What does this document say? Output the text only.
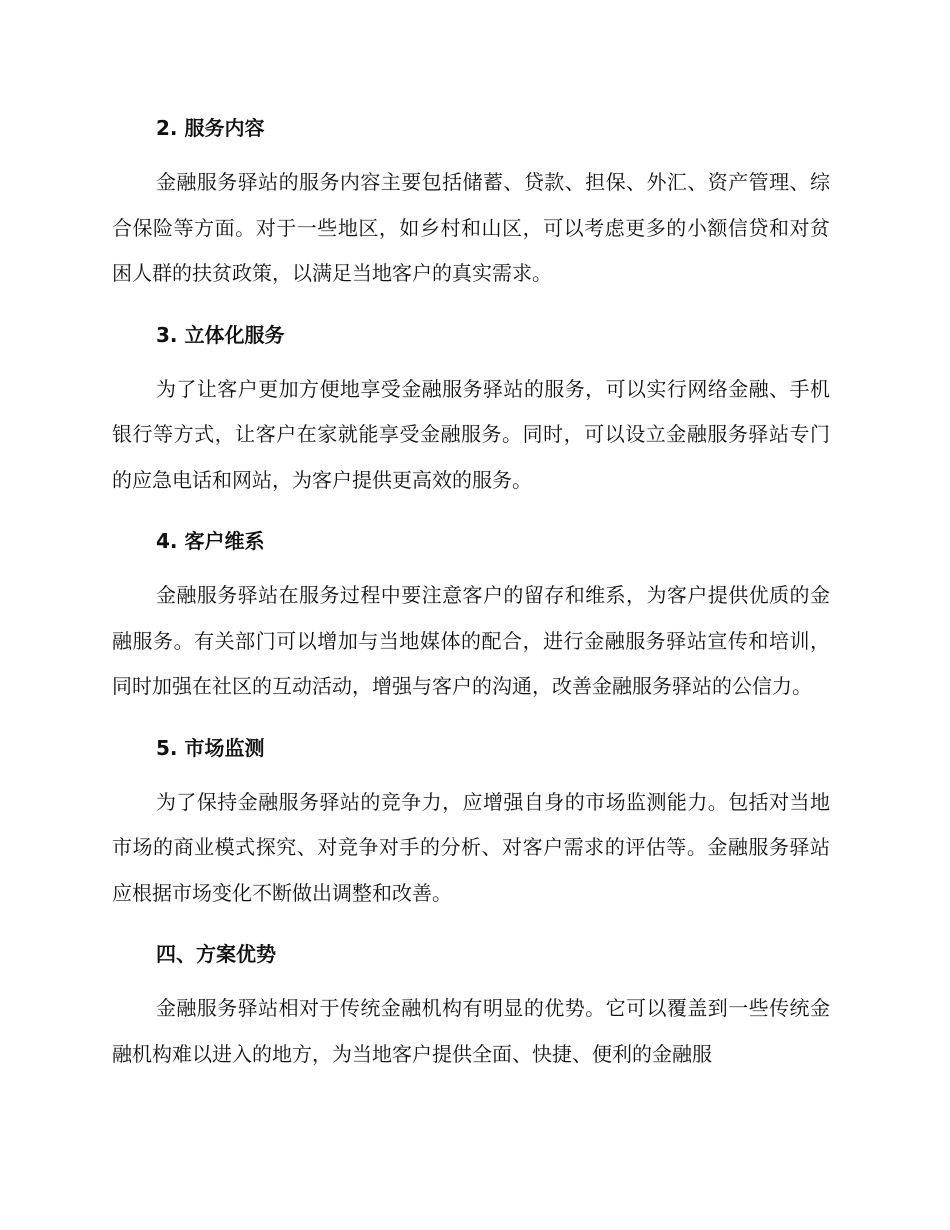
2. 服务内容

金融服务驿站的服务内容主要包括储蓄、贷款、担保、外汇、资产管理、综合保险等方面。对于一些地区，如乡村和山区，可以考虑更多的小额信贷和对贫困人群的扶贫政策，以满足当地客户的真实需求。

3. 立体化服务

为了让客户更加方便地享受金融服务驿站的服务，可以实行网络金融、手机银行等方式，让客户在家就能享受金融服务。同时，可以设立金融服务驿站专门的应急电话和网站，为客户提供更高效的服务。

4. 客户维系

金融服务驿站在服务过程中要注意客户的留存和维系，为客户提供优质的金融服务。有关部门可以增加与当地媒体的配合，进行金融服务驿站宣传和培训，同时加强在社区的互动活动，增强与客户的沟通，改善金融服务驿站的公信力。

5. 市场监测

为了保持金融服务驿站的竞争力，应增强自身的市场监测能力。包括对当地市场的商业模式探究、对竞争对手的分析、对客户需求的评估等。金融服务驿站应根据市场变化不断做出调整和改善。

四、方案优势

金融服务驿站相对于传统金融机构有明显的优势。它可以覆盖到一些传统金融机构难以进入的地方，为当地客户提供全面、快捷、便利的金融服
